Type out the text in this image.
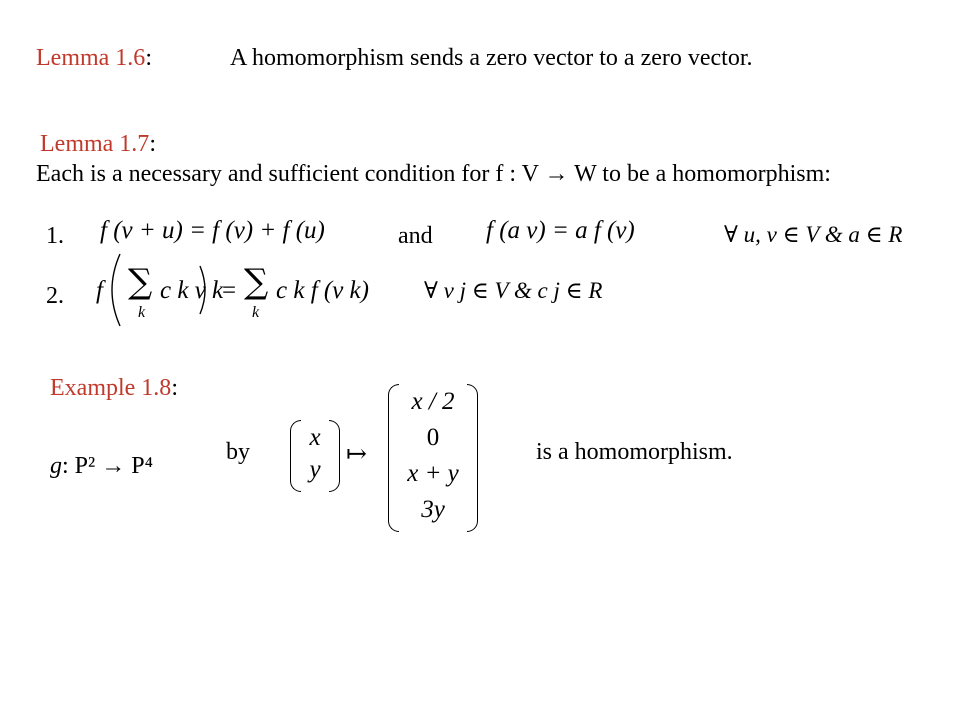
Lemma 1.6:	A homomorphism sends a zero vector to a zero vector.
Lemma 1.7:
Each is a necessary and sufficient condition for f : V → W to be a homomorphism:
1. f (v + u) = f (v) + f (u)	and f (a v) = a f (v)	∀ u, v ∈ V & a ∈ R
2. f ∑
k
c k v k
= ∑
k
c k f (v k) ∀ v j ∈ V & c j ∈ R
Example 1.8:
g: P² → P⁴
by
x
y
↦
x / 2
0
x + y
3y
is a homomorphism.
